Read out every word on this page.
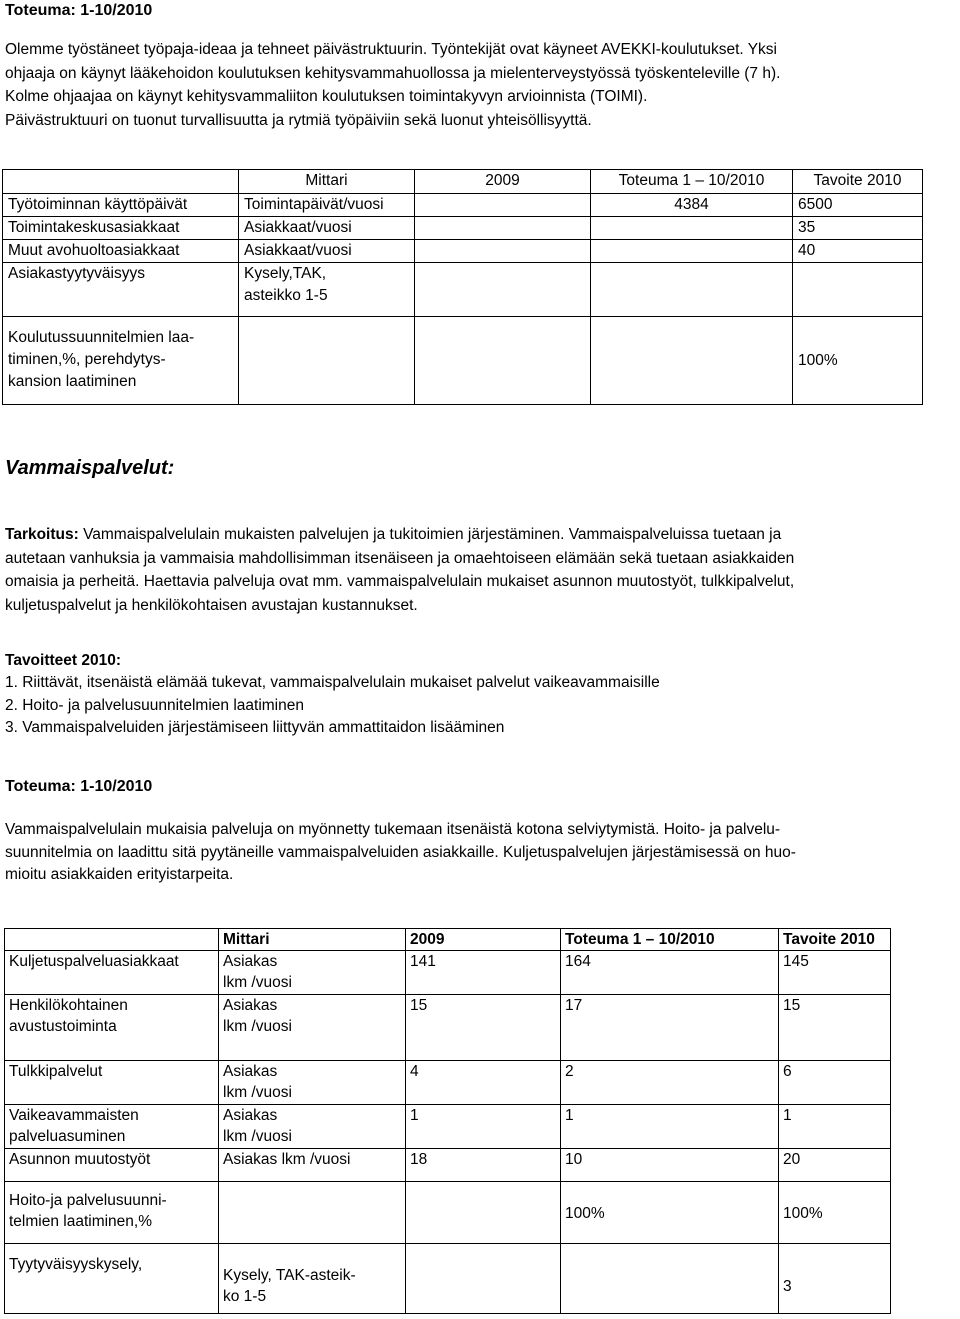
Toteuma: 1-10/2010

Olemme työstäneet työpaja-ideaa ja tehneet päivästruktuurin. Työntekijät ovat käyneet AVEKKI-koulutukset. Yksi
ohjaaja on käynyt lääkehoidon koulutuksen kehitysvammahuollossa ja mielenterveystyössä työskenteleville (7 h).
Kolme ohjaajaa on käynyt kehitysvammaliiton koulutuksen toimintakyvyn arvioinnista (TOIMI).
Päivästruktuuri on tuonut turvallisuutta ja rytmiä työpäiviin sekä luonut yhteisöllisyyttä.
	Mittari	2009	Toteuma 1 – 10/2010	Tavoite 2010

Työtoiminnan käyttöpäivät	Toimintapäivät/vuosi		4384	6500

Toimintakeskusasiakkaat	Asiakkaat/vuosi			35

Muut avohuoltoasiakkaat	Asiakkaat/vuosi			40

Asiakastyytyväisyys	Kysely,TAK,
asteikko 1-5			

Koulutussuunnitelmien laa-
timinen,%, perehdytys-
kansion laatiminen				100%

Vammaispalvelut:

Tarkoitus: Vammaispalvelulain mukaisten palvelujen ja tukitoimien järjestäminen. Vammaispalveluissa tuetaan ja
autetaan vanhuksia ja vammaisia mahdollisimman itsenäiseen ja omaehtoiseen elämään sekä tuetaan asiakkaiden
omaisia ja perheitä. Haettavia palveluja ovat mm. vammaispalvelulain mukaiset asunnon muutostyöt, tulkkipalvelut,
kuljetuspalvelut ja henkilökohtaisen avustajan kustannukset.

Tavoitteet 2010:

1. Riittävät, itsenäistä elämää tukevat, vammaispalvelulain mukaiset palvelut vaikeavammaisille
2. Hoito- ja palvelusuunnitelmien laatiminen
3. Vammaispalveluiden järjestämiseen liittyvän ammattitaidon lisääminen

Toteuma: 1-10/2010

Vammaispalvelulain mukaisia palveluja on myönnetty tukemaan itsenäistä kotona selviytymistä. Hoito- ja palvelu-
suunnitelmia on laadittu sitä pyytäneille vammaispalveluiden asiakkaille. Kuljetuspalvelujen järjestämisessä on huo-
mioitu asiakkaiden erityistarpeita.
	Mittari	2009	Toteuma 1 – 10/2010	Tavoite 2010

Kuljetuspalveluasiakkaat	Asiakas
lkm /vuosi	141	164	145

Henkilökohtainen
avustustoiminta	Asiakas
lkm /vuosi	15	17	15

Tulkkipalvelut	Asiakas
lkm /vuosi	4	2	6

Vaikeavammaisten
palveluasuminen	Asiakas
lkm /vuosi	1	1	1

Asunnon muutostyöt	Asiakas lkm /vuosi	18	10	20

Hoito-ja palvelusuunni-
telmien laatiminen,%			100%	100%

Tyytyväisyyskysely,	Kysely, TAK-asteik-
ko 1-5			3
